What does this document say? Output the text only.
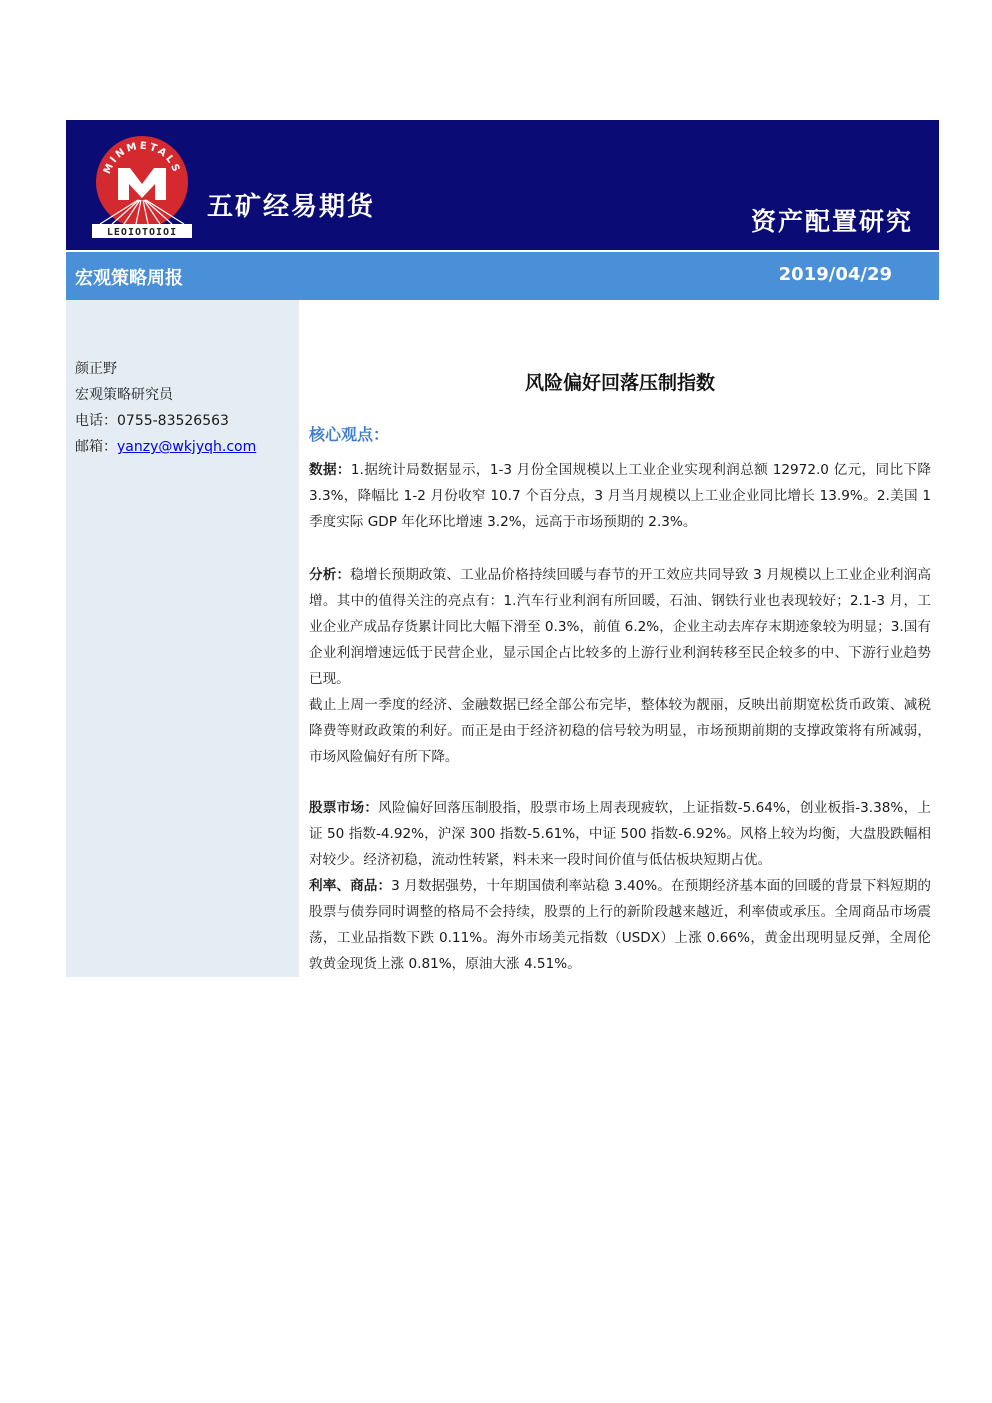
MINMETALS
LEOIOTOIOI
五矿经易期货	资产配置研究
宏观策略周报	2019/04/29
颜正野
宏观策略研究员
电话：0755-83526563
邮箱：yanzy@wkjyqh.com
风险偏好回落压制指数
核心观点：
数据：1.据统计局数据显示，1-3 月份全国规模以上工业企业实现利润总额 12972.0 亿元，同比下降 3.3%，降幅比 1-2 月份收窄 10.7 个百分点，3 月当月规模以上工业企业同比增长 13.9%。2.美国 1 季度实际 GDP 年化环比增速 3.2%，远高于市场预期的 2.3%。
分析：稳增长预期政策、工业品价格持续回暖与春节的开工效应共同导致 3 月规模以上工业企业利润高增。其中的值得关注的亮点有：1.汽车行业利润有所回暖，石油、钢铁行业也表现较好；2.1-3 月，工业企业产成品存货累计同比大幅下滑至 0.3%，前值 6.2%，企业主动去库存末期迹象较为明显；3.国有企业利润增速远低于民营企业，显示国企占比较多的上游行业利润转移至民企较多的中、下游行业趋势已现。
截止上周一季度的经济、金融数据已经全部公布完毕，整体较为靓丽，反映出前期宽松货币政策、减税降费等财政政策的利好。而正是由于经济初稳的信号较为明显，市场预期前期的支撑政策将有所减弱，市场风险偏好有所下降。
股票市场：风险偏好回落压制股指，股票市场上周表现疲软，上证指数-5.64%，创业板指-3.38%，上证 50 指数-4.92%，沪深 300 指数-5.61%，中证 500 指数-6.92%。风格上较为均衡，大盘股跌幅相对较少。经济初稳，流动性转紧，料未来一段时间价值与低估板块短期占优。
利率、商品：3 月数据强势，十年期国债利率站稳 3.40%。在预期经济基本面的回暖的背景下料短期的股票与债券同时调整的格局不会持续，股票的上行的新阶段越来越近，利率债或承压。全周商品市场震荡，工业品指数下跌 0.11%。海外市场美元指数（USDX）上涨 0.66%，黄金出现明显反弹，全周伦敦黄金现货上涨 0.81%，原油大涨 4.51%。
